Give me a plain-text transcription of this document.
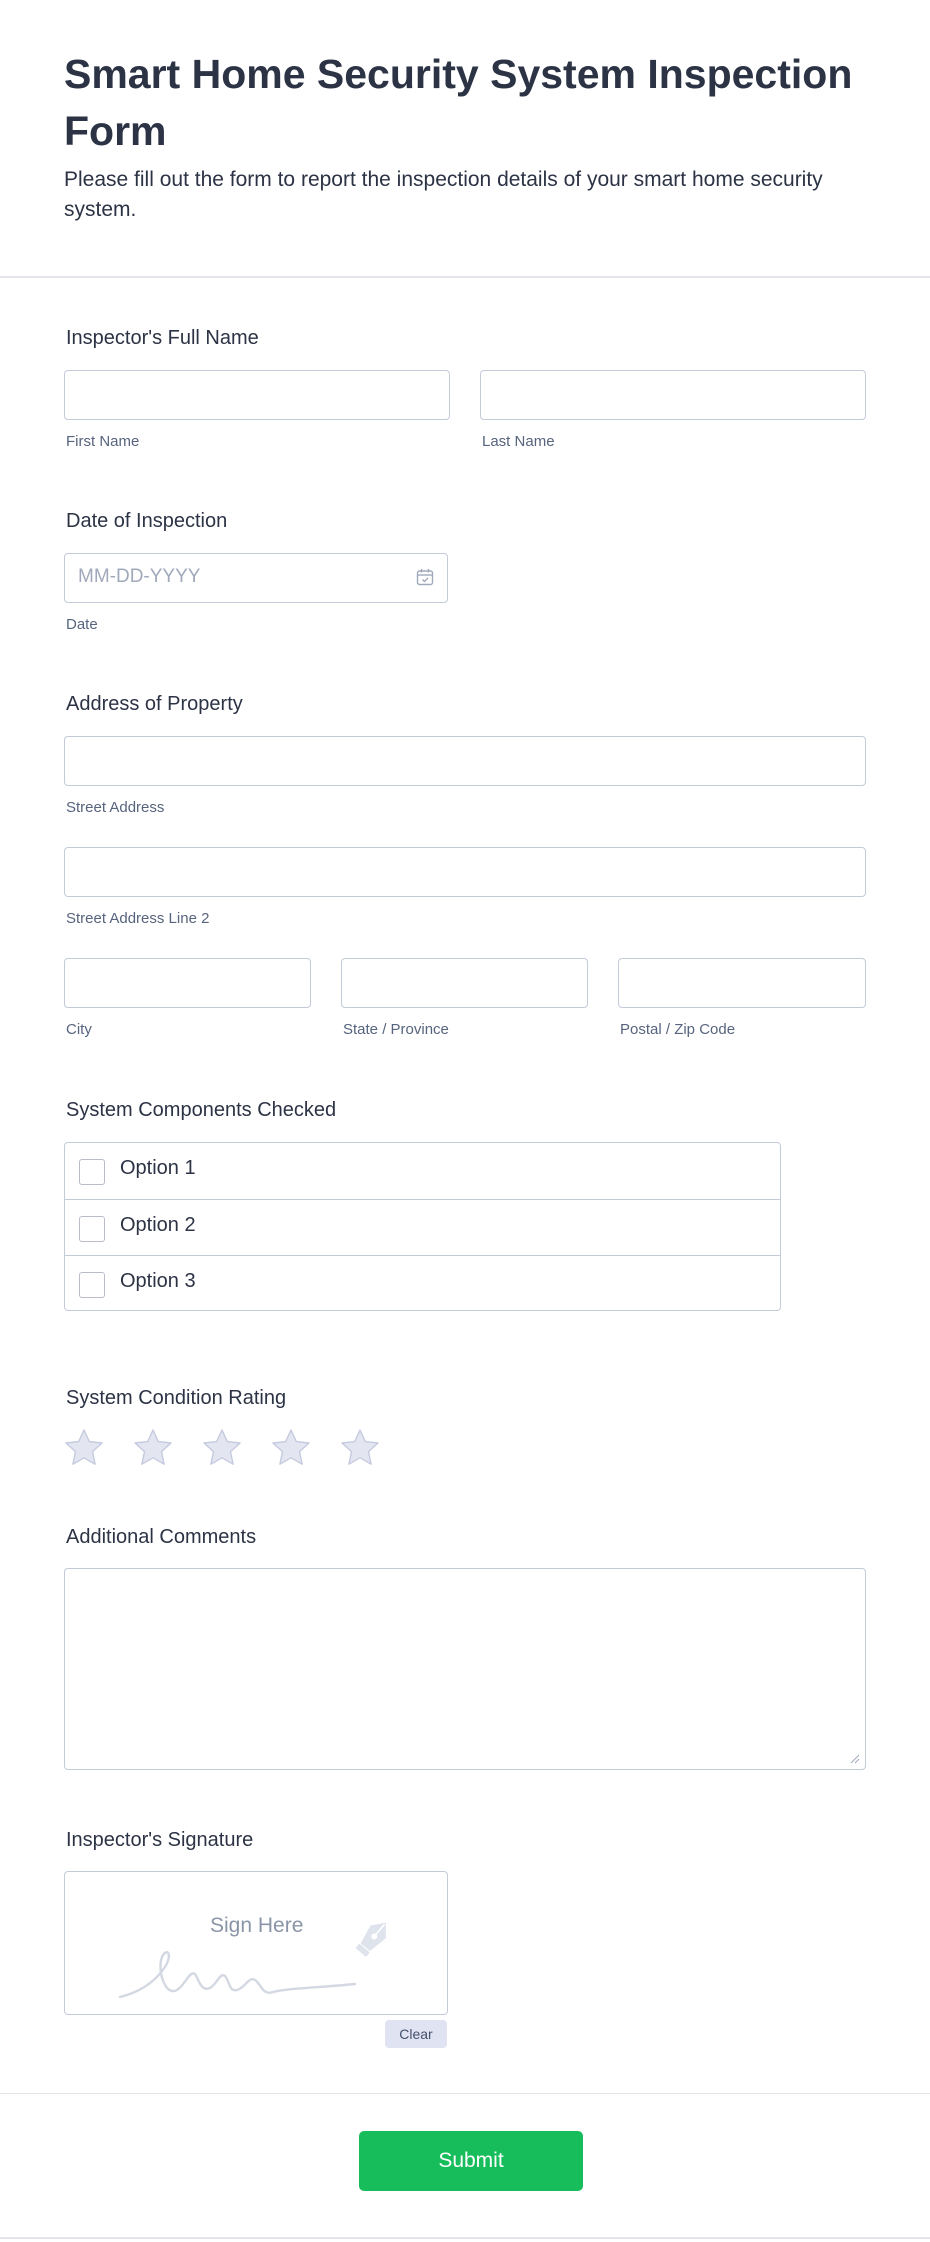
Smart Home Security System Inspection Form
Please fill out the form to report the inspection details of your smart home security system.
Inspector's Full Name
First Name	Last Name
Date of Inspection
MM-DD-YYYY
Date
Address of Property
Street Address
Street Address Line 2
City	State / Province	Postal / Zip Code
System Components Checked
Option 1
Option 2
Option 3
System Condition Rating
Additional Comments
Inspector's Signature
Sign Here
Clear
Submit
